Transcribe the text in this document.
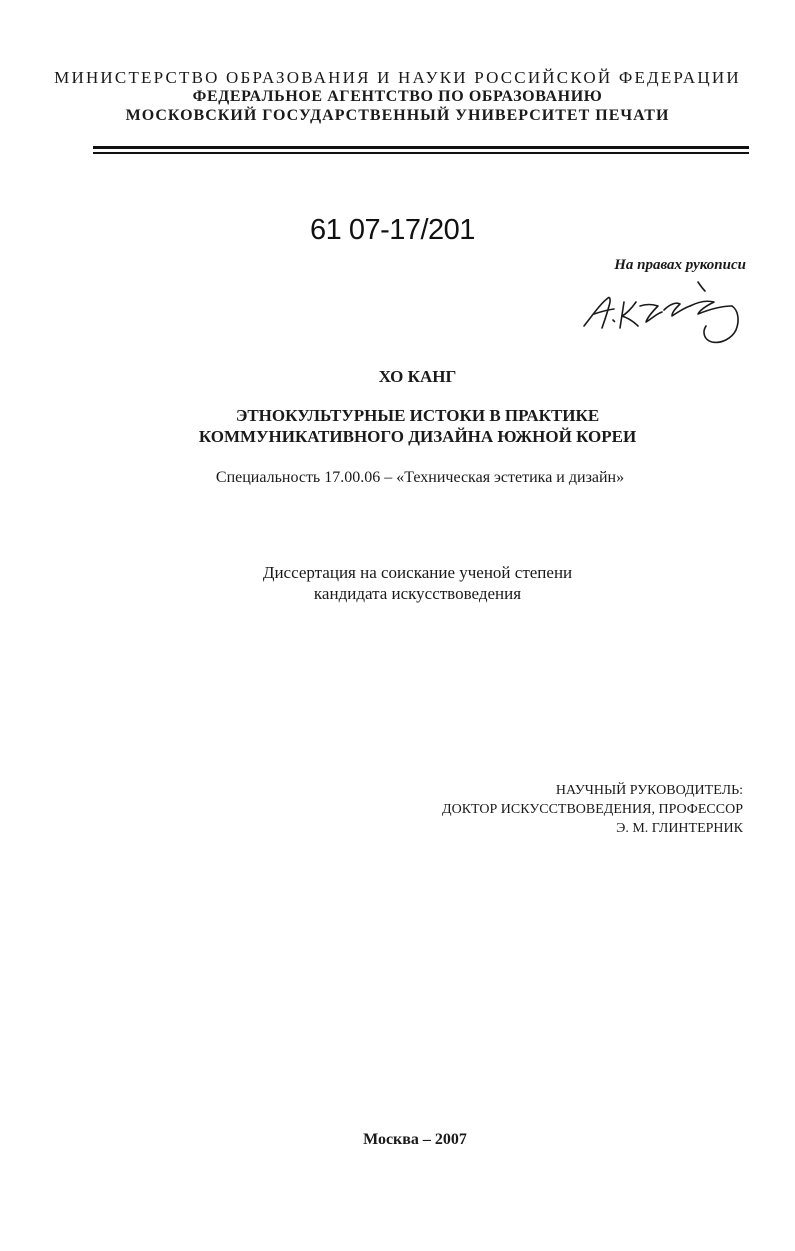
МИНИСТЕРСТВО ОБРАЗОВАНИЯ И НАУКИ РОССИЙСКОЙ ФЕДЕРАЦИИ
ФЕДЕРАЛЬНОЕ АГЕНТСТВО ПО ОБРАЗОВАНИЮ
МОСКОВСКИЙ ГОСУДАРСТВЕННЫЙ УНИВЕРСИТЕТ ПЕЧАТИ
61 07-17/201
На правах рукописи
ХО КАНГ
ЭТНОКУЛЬТУРНЫЕ ИСТОКИ В ПРАКТИКЕ
КОММУНИКАТИВНОГО ДИЗАЙНА ЮЖНОЙ КОРЕИ
Специальность 17.00.06 – «Техническая эстетика и дизайн»
Диссертация на соискание ученой степени
кандидата искусствоведения
НАУЧНЫЙ РУКОВОДИТЕЛЬ:
ДОКТОР ИСКУССТВОВЕДЕНИЯ, ПРОФЕССОР
Э. М. ГЛИНТЕРНИК
Москва – 2007
